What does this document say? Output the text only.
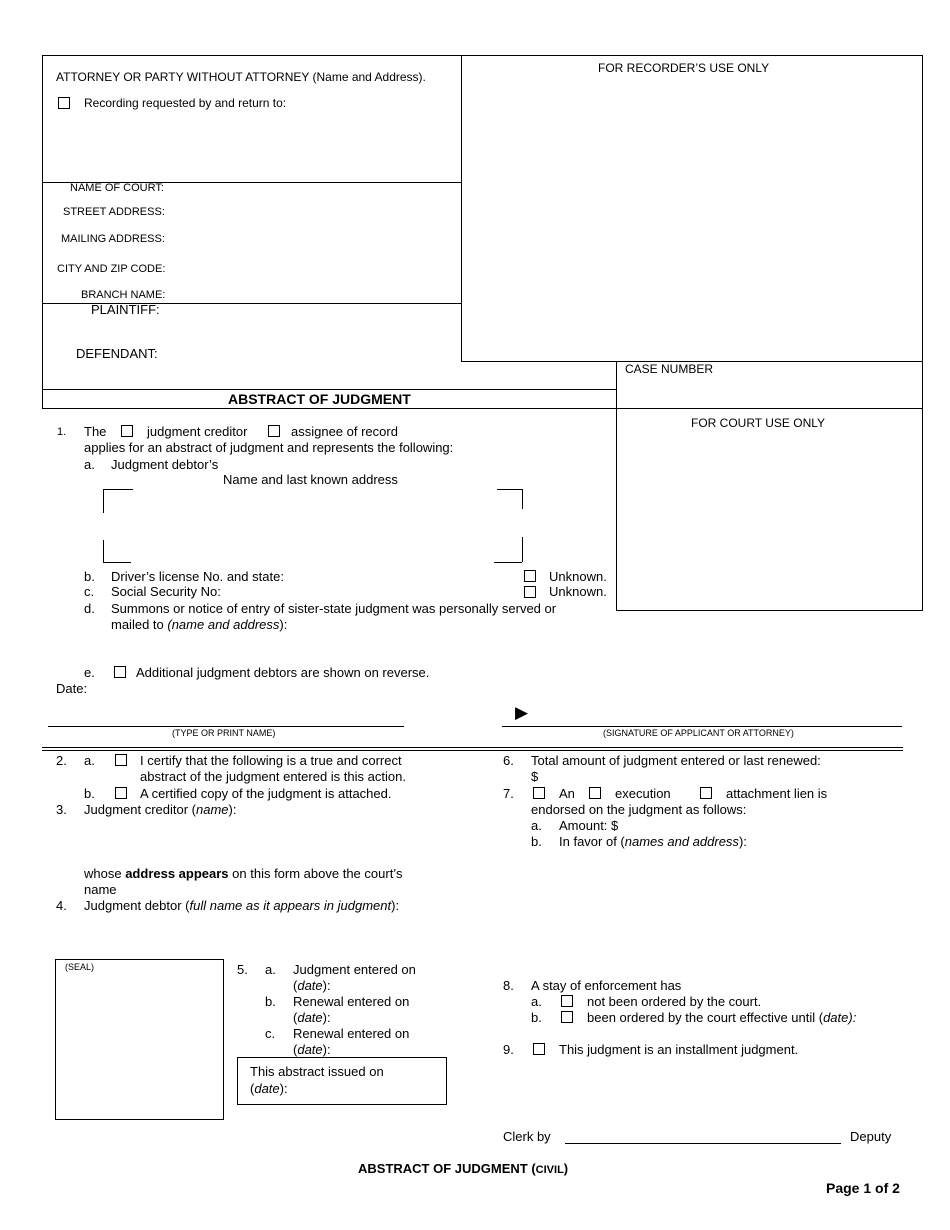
ATTORNEY OR PARTY WITHOUT ATTORNEY (Name and Address).
Recording requested by and return to:
FOR RECORDER’S USE ONLY
NAME OF COURT:
STREET ADDRESS:
MAILING ADDRESS:
CITY AND ZIP CODE:
BRANCH NAME:
PLAINTIFF:
DEFENDANT:
CASE NUMBER
ABSTRACT OF JUDGMENT
FOR COURT USE ONLY
1. The	judgment creditor	assignee of record
applies for an abstract of judgment and represents the following:
a. Judgment debtor’s
Name and last known address
b. Driver’s license No. and state:	Unknown.
c. Social Security No:	Unknown.
d. Summons or notice of entry of sister-state judgment was personally served or
mailed to (name and address):
e.	Additional judgment debtors are shown on reverse.
Date:
▶
(TYPE OR PRINT NAME)	(SIGNATURE OF APPLICANT OR ATTORNEY)
2. a.	I certify that the following is a true and correct
abstract of the judgment entered is this action.
b.	A certified copy of the judgment is attached.
3. Judgment creditor (name):
whose address appears on this form above the court’s
name
4. Judgment debtor (full name as it appears in judgment):
(SEAL)	5. a. Judgment entered on
(date):
b. Renewal entered on
(date):
c. Renewal entered on
(date):
This abstract issued on
(date):
6. Total amount of judgment entered or last renewed:
$
7.	An	execution	attachment lien is
endorsed on the judgment as follows:
a. Amount: $
b. In favor of (names and address):
8. A stay of enforcement has
a.	not been ordered by the court.
b.	been ordered by the court effective until (date):
9.	This judgment is an installment judgment.
Clerk by	Deputy
ABSTRACT OF JUDGMENT (CIVIL)
Page 1 of 2
